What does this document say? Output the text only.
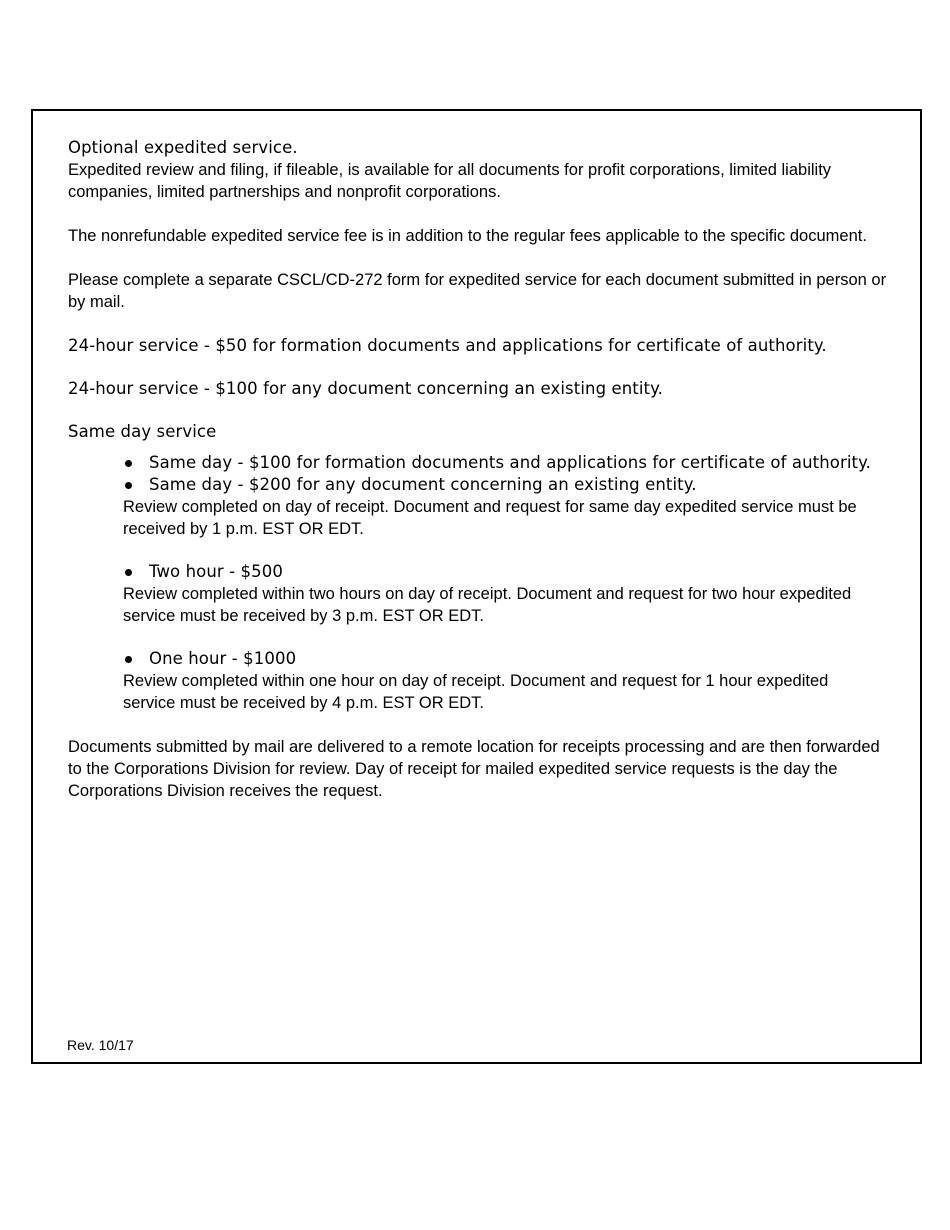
Optional expedited service.

Expedited review and filing, if fileable, is available for all documents for profit corporations, limited liability companies, limited partnerships and nonprofit corporations.

The nonrefundable expedited service fee is in addition to the regular fees applicable to the specific document.

Please complete a separate CSCL/CD-272 form for expedited service for each document submitted in person or by mail.

24-hour service - $50 for formation documents and applications for certificate of authority.

24-hour service - $100 for any document concerning an existing entity.

Same day service

Same day - $100 for formation documents and applications for certificate of authority.
Same day - $200 for any document concerning an existing entity.

Review completed on day of receipt. Document and request for same day expedited service must be received by 1 p.m. EST OR EDT.

Two hour - $500

Review completed within two hours on day of receipt. Document and request for two hour expedited service must be received by 3 p.m. EST OR EDT.

One hour - $1000

Review completed within one hour on day of receipt. Document and request for 1 hour expedited service must be received by 4 p.m. EST OR EDT.

Documents submitted by mail are delivered to a remote location for receipts processing and are then forwarded to the Corporations Division for review. Day of receipt for mailed expedited service requests is the day the Corporations Division receives the request.

Rev. 10/17
